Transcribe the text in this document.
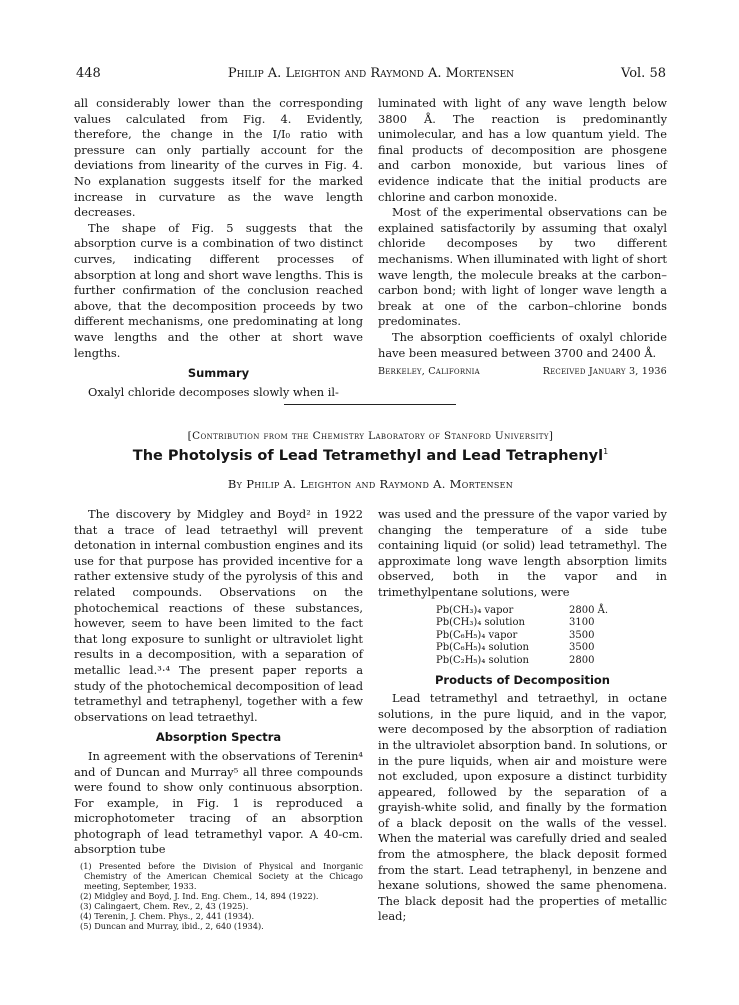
448	Philip A. Leighton and Raymond A. Mortensen	Vol. 58

all considerably lower than the corresponding values calculated from Fig. 4. Evidently, therefore, the change in the I/I₀ ratio with pressure can only partially account for the deviations from linearity of the curves in Fig. 4. No explanation suggests itself for the marked increase in curvature as the wave length decreases.

The shape of Fig. 5 suggests that the absorption curve is a combination of two distinct curves, indicating different processes of absorption at long and short wave lengths. This is further confirmation of the conclusion reached above, that the decomposition proceeds by two different mechanisms, one predominating at long wave lengths and the other at short wave lengths.

Summary

Oxalyl chloride decomposes slowly when il-

luminated with light of any wave length below 3800 Å. The reaction is predominantly unimolecular, and has a low quantum yield. The final products of decomposition are phosgene and carbon monoxide, but various lines of evidence indicate that the initial products are chlorine and carbon monoxide.

Most of the experimental observations can be explained satisfactorily by assuming that oxalyl chloride decomposes by two different mechanisms. When illuminated with light of short wave length, the molecule breaks at the carbon–carbon bond; with light of longer wave length a break at one of the carbon–chlorine bonds predominates.

The absorption coefficients of oxalyl chloride have been measured between 3700 and 2400 Å.

Berkeley, California	Received January 3, 1936
[Contribution from the Chemistry Laboratory of Stanford University]
The Photolysis of Lead Tetramethyl and Lead Tetraphenyl$^1$
By Philip A. Leighton and Raymond A. Mortensen

The discovery by Midgley and Boyd² in 1922 that a trace of lead tetraethyl will prevent detonation in internal combustion engines and its use for that purpose has provided incentive for a rather extensive study of the pyrolysis of this and related compounds. Observations on the photochemical reactions of these substances, however, seem to have been limited to the fact that long exposure to sunlight or ultraviolet light results in a decomposition, with a separation of metallic lead.³·⁴ The present paper reports a study of the photochemical decomposition of lead tetramethyl and tetraphenyl, together with a few observations on lead tetraethyl.

Absorption Spectra

In agreement with the observations of Terenin⁴ and of Duncan and Murray⁵ all three compounds were found to show only continuous absorption. For example, in Fig. 1 is reproduced a microphotometer tracing of an absorption photograph of lead tetramethyl vapor. A 40-cm. absorption tube

(1) Presented before the Division of Physical and Inorganic Chemistry of the American Chemical Society at the Chicago meeting, September, 1933.
(2) Midgley and Boyd, J. Ind. Eng. Chem., 14, 894 (1922).
(3) Calingaert, Chem. Rev., 2, 43 (1925).
(4) Terenin, J. Chem. Phys., 2, 441 (1934).
(5) Duncan and Murray, ibid., 2, 640 (1934).

was used and the pressure of the vapor varied by changing the temperature of a side tube containing liquid (or solid) lead tetramethyl. The approximate long wave length absorption limits observed, both in the vapor and in trimethylpentane solutions, were

Pb(CH₃)₄ vapor	2800 Å.
Pb(CH₃)₄ solution	3100
Pb(C₆H₅)₄ vapor	3500
Pb(C₆H₅)₄ solution	3500
Pb(C₂H₅)₄ solution	2800

Products of Decomposition

Lead tetramethyl and tetraethyl, in octane solutions, in the pure liquid, and in the vapor, were decomposed by the absorption of radiation in the ultraviolet absorption band. In solutions, or in the pure liquids, when air and moisture were not excluded, upon exposure a distinct turbidity appeared, followed by the separation of a grayish-white solid, and finally by the formation of a black deposit on the walls of the vessel. When the material was carefully dried and sealed from the atmosphere, the black deposit formed from the start. Lead tetraphenyl, in benzene and hexane solutions, showed the same phenomena. The black deposit had the properties of metallic lead;
